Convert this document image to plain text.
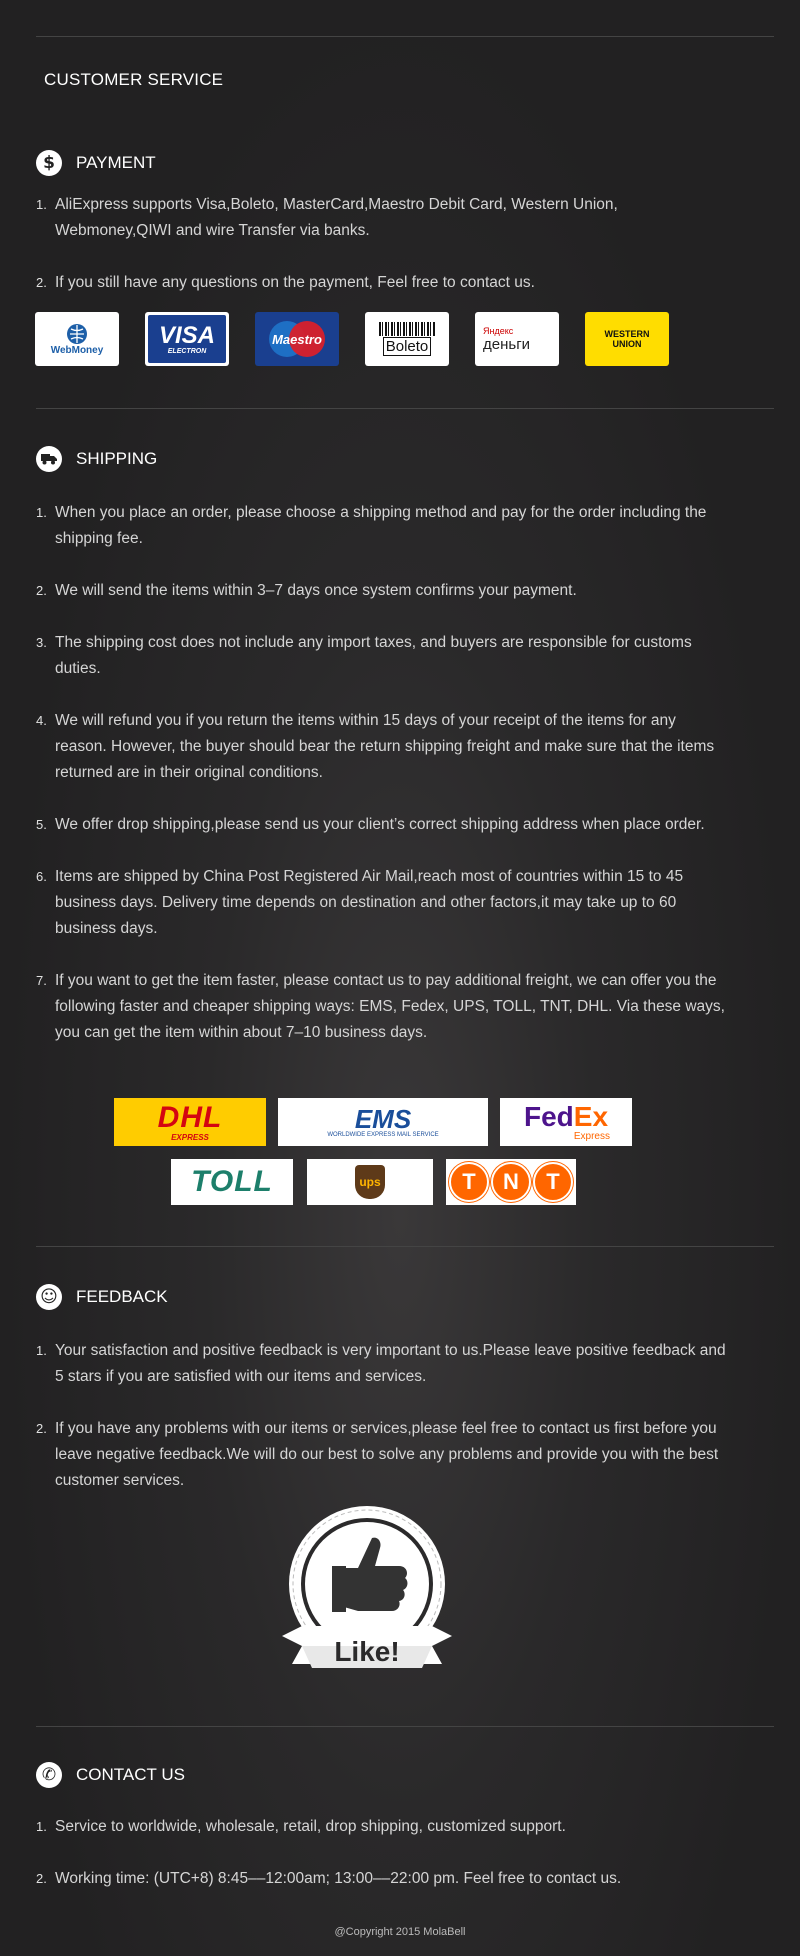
CUSTOMER SERVICE
$	PAYMENT
1. AliExpress supports Visa,Boleto, MasterCard,Maestro Debit Card, Western Union, Webmoney,QIWI and wire Transfer via banks.
2. If you still have any questions on the payment, Feel free to contact us.
WebMoney
VISA
ELECTRON
Maestro	Boleto
Яндекс
деньги
WESTERN
UNION
SHIPPING
1. When you place an order, please choose a shipping method and pay for the order including the shipping fee.
2. We will send the items within 3–7 days once system confirms your payment.
3. The shipping cost does not include any import taxes, and buyers are responsible for customs duties.
4. We will refund you if you return the items within 15 days of your receipt of the items for any reason. However, the buyer should bear the return shipping freight and make sure that the items returned are in their original conditions.
5. We offer drop shipping,please send us your client’s correct shipping address when place order.
6. Items are shipped by China Post Registered Air Mail,reach most of countries within 15 to 45 business days. Delivery time depends on destination and other factors,it may take up to 60 business days.
7. If you want to get the item faster, please contact us to pay additional freight, we can offer you the following faster and cheaper shipping ways: EMS, Fedex, UPS, TOLL, TNT, DHL. Via these ways, you can get the item within about 7–10 business days.
DHL
EXPRESS
EMS
WORLDWIDE EXPRESS MAIL SERVICE
FedEx
Express
TOLL	ups	T	N	T
☺ FEEDBACK
1. Your satisfaction and positive feedback is very important to us.Please leave positive feedback and 5 stars if you are satisfied with our items and services.
2. If you have any problems with our items or services,please feel free to contact us first before you leave negative feedback.We will do our best to solve any problems and provide you with the best customer services.
Like!
✆	CONTACT US
1. Service to worldwide, wholesale, retail, drop shipping, customized support.
2. Working time: (UTC+8) 8:45––12:00am; 13:00––22:00 pm. Feel free to contact us.
@Copyright 2015 MolaBell
